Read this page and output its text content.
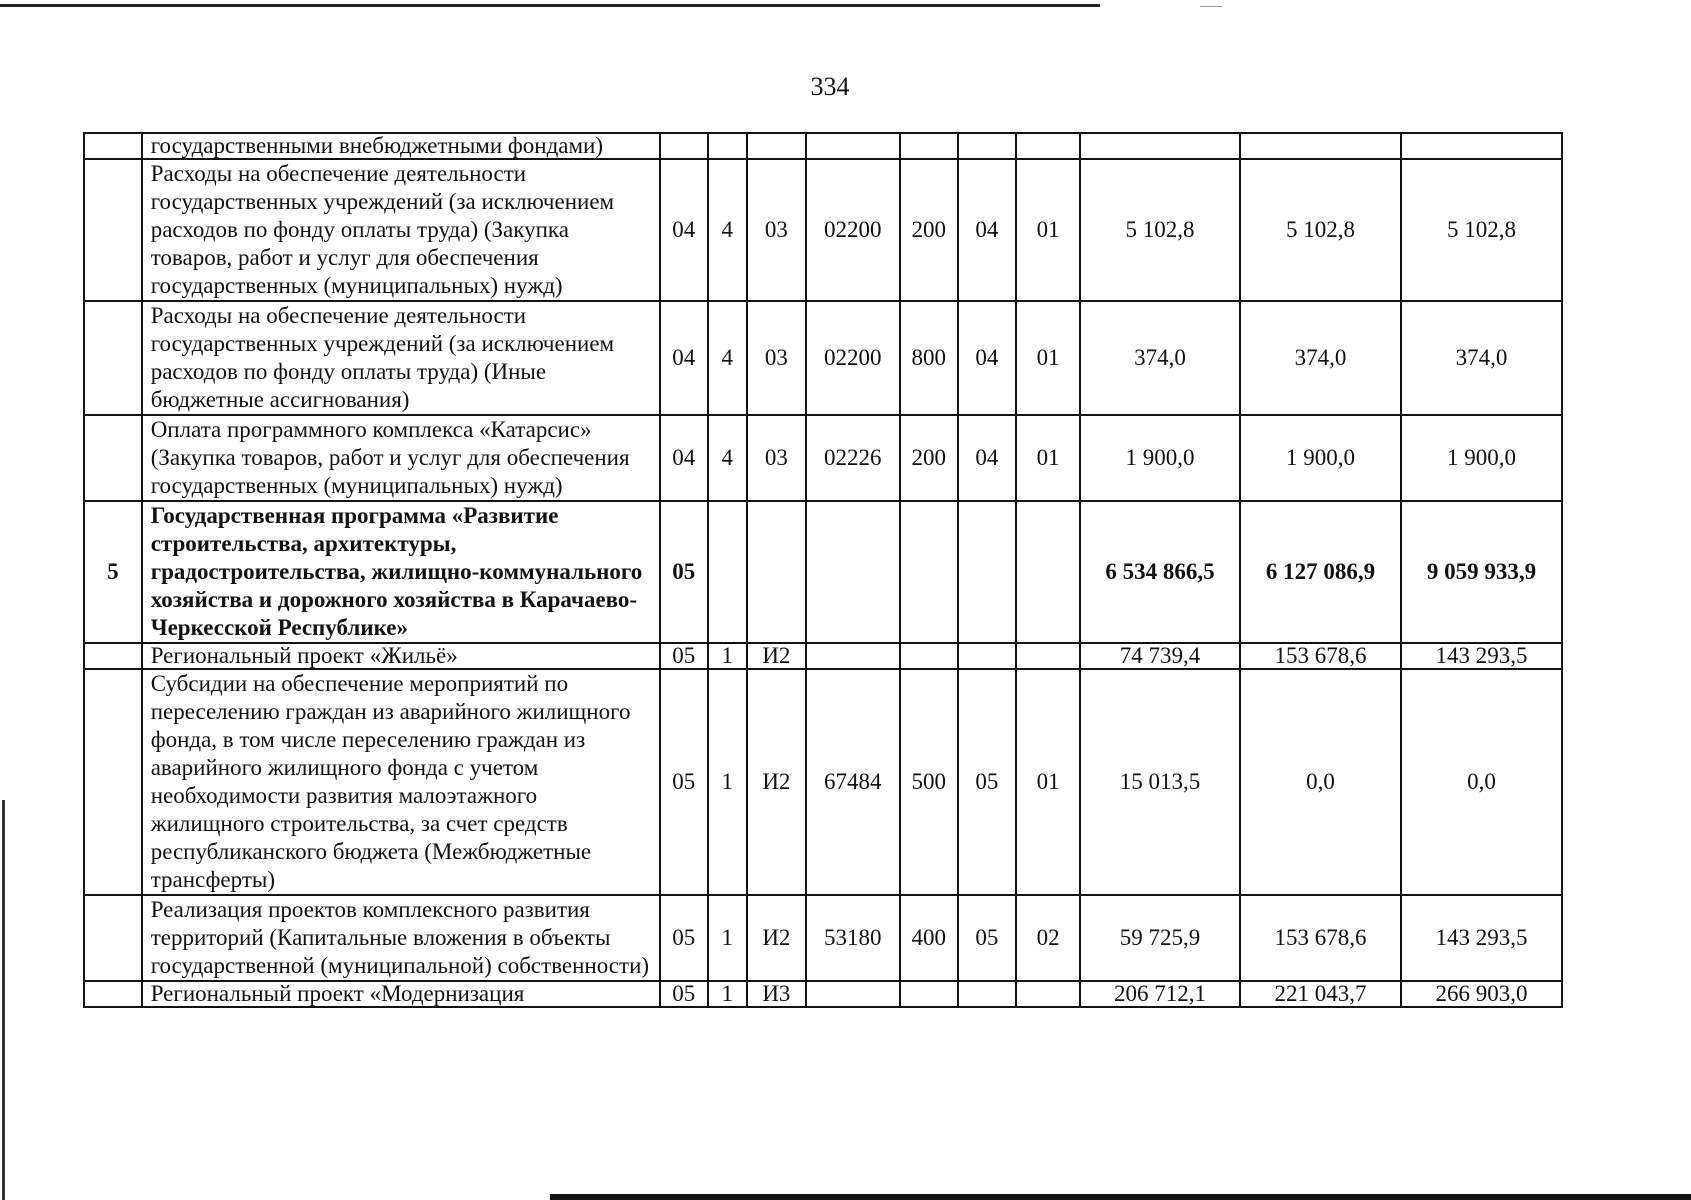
334
	государственными внебюджетными фондами)										
	Расходы на обеспечение деятельности государственных учреждений (за исключением расходов по фонду оплаты труда) (Закупка товаров, работ и услуг для обеспечения государственных (муниципальных) нужд)	04	4	03	02200	200	04	01	5 102,8	5 102,8	5 102,8
	Расходы на обеспечение деятельности государственных учреждений (за исключением расходов по фонду оплаты труда) (Иные бюджетные ассигнования)	04	4	03	02200	800	04	01	374,0	374,0	374,0
	Оплата программного комплекса «Катарсис» (Закупка товаров, работ и услуг для обеспечения государственных (муниципальных) нужд)	04	4	03	02226	200	04	01	1 900,0	1 900,0	1 900,0
5	Государственная программа «Развитие строительства, архитектуры, градостроительства, жилищно-коммунального хозяйства и дорожного хозяйства в Карачаево-Черкесской Республике»	05							6 534 866,5	6 127 086,9	9 059 933,9
	Региональный проект «Жильё»	05	1	И2					74 739,4	153 678,6	143 293,5
	Субсидии на обеспечение мероприятий по переселению граждан из аварийного жилищного фонда, в том числе переселению граждан из аварийного жилищного фонда с учетом необходимости развития малоэтажного жилищного строительства, за счет средств республиканского бюджета (Межбюджетные трансферты)	05	1	И2	67484	500	05	01	15 013,5	0,0	0,0
	Реализация проектов комплексного развития территорий (Капитальные вложения в объекты государственной (муниципальной) собственности)	05	1	И2	53180	400	05	02	59 725,9	153 678,6	143 293,5
	Региональный проект «Модернизация	05	1	И3					206 712,1	221 043,7	266 903,0
